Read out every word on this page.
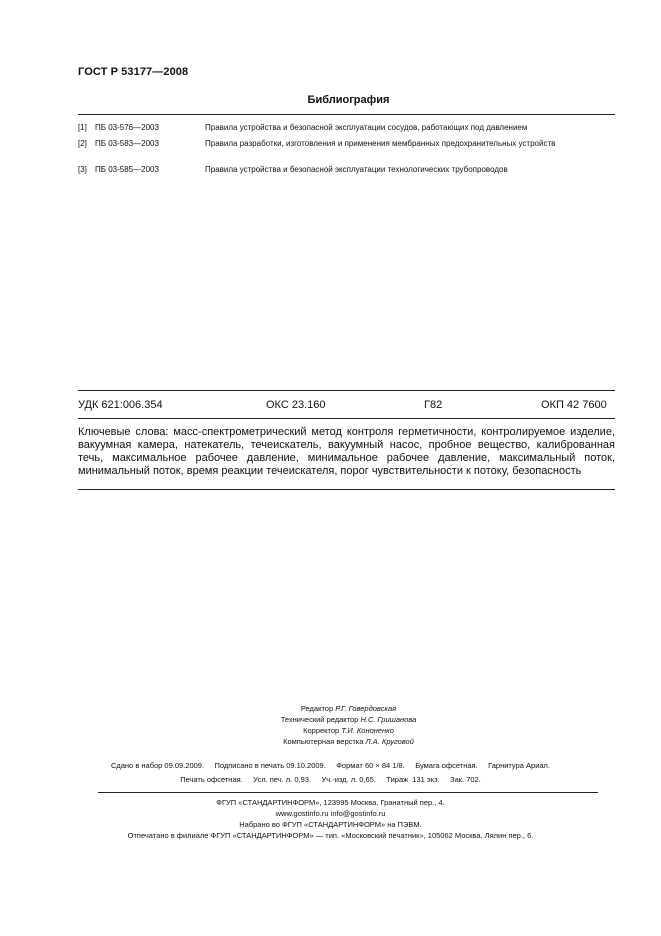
ГОСТ Р 53177—2008
Библиография
[1]	ПБ 03-576—2003	Правила устройства и безопасной эксплуатации сосудов, работающих под давлением
[2]	ПБ 03-583—2003	Правила разработки, изготовления и применения мембранных предохранительных устройств
[3]	ПБ 03-585—2003	Правила устройства и безопасной эксплуатации технологических трубопроводов
УДК 621:006.354	ОКС 23.160	Г82	ОКП 42 7600
Ключевые слова: масс-спектрометрический метод контроля герметичности, контролируемое изделие, вакуумная камера, натекатель, течеискатель, вакуумный насос, пробное вещество, калиброванная течь, максимальное рабочее давление, минимальное рабочее давление, максимальный поток, минимальный поток, время реакции течеискателя, порог чувствительности к потоку, безопасность
Редактор Р.Г. Говердовская
Технический редактор Н.С. Гришанова
Корректор Т.И. Кононенко
Компьютерная верстка Л.А. Круговой
Сдано в набор 09.09.2009.     Подписано в печать 09.10.2009.     Формат 60 × 84 1/8.     Бумага офсетная.     Гарнитура Ариал.
Печать офсетная.     Усл. печ. л. 0,93.     Уч.-изд. л. 0,65.     Тираж  131 экз.     Зак. 702.
ФГУП «СТАНДАРТИНФОРМ», 123995 Москва, Гранатный пер., 4.
www.gostinfo.ru info@gostinfo.ru
Набрано во ФГУП «СТАНДАРТИНФОРМ» на ПЭВМ.
Отпечатано в филиале ФГУП «СТАНДАРТИНФОРМ» — тип. «Московский печатник», 105062 Москва, Лялин пер., 6.
